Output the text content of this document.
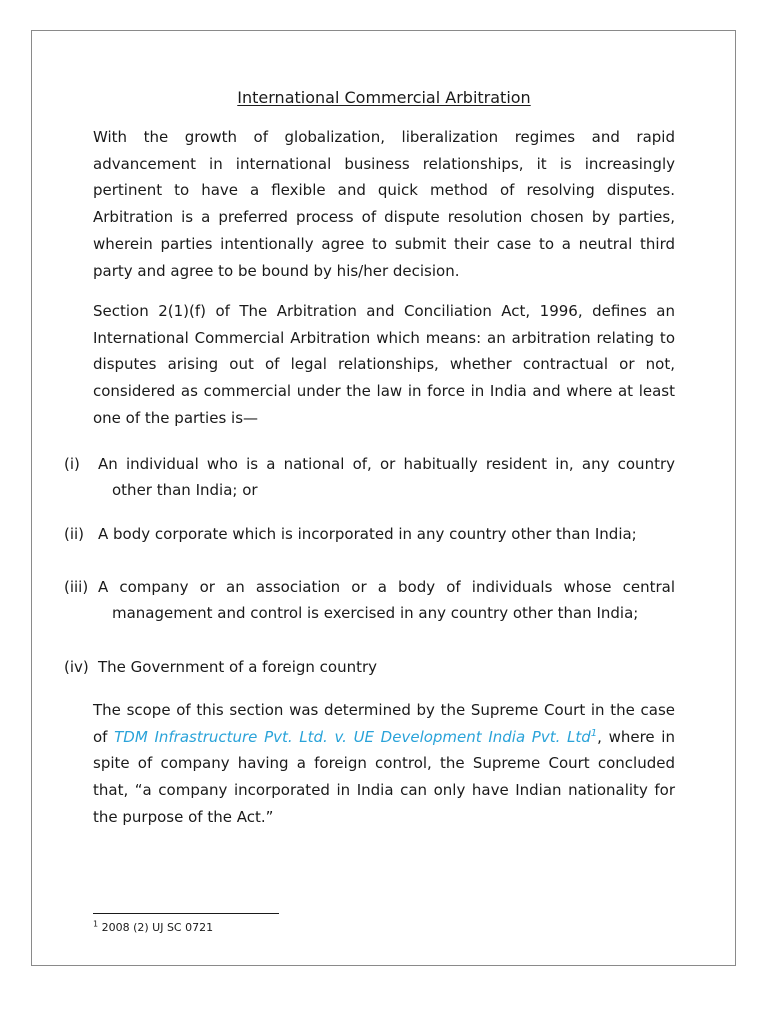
International Commercial Arbitration

With the growth of globalization, liberalization regimes and rapid advancement in international business relationships, it is increasingly pertinent to have a flexible and quick method of resolving disputes. Arbitration is a preferred process of dispute resolution chosen by parties, wherein parties intentionally agree to submit their case to a neutral third party and agree to be bound by his/her decision.

Section 2(1)(f) of The Arbitration and Conciliation Act, 1996, defines an International Commercial Arbitration which means: an arbitration relating to disputes arising out of legal relationships, whether contractual or not, considered as commercial under the law in force in India and where at least one of the parties is—

(i) An individual who is a national of, or habitually resident in, any country
other than India; or
(ii) A body corporate which is incorporated in any country other than India;
(iii) A company or an association or a body of individuals whose central
management and control is exercised in any country other than India;
(iv) The Government of a foreign country

The scope of this section was determined by the Supreme Court in the case of TDM Infrastructure Pvt. Ltd. v. UE Development India Pvt. Ltd$^1$, where in spite of company having a foreign control, the Supreme Court concluded that, “a company incorporated in India can only have Indian nationality for the purpose of the Act.”

$^1$ 2008 (2) UJ SC 0721
